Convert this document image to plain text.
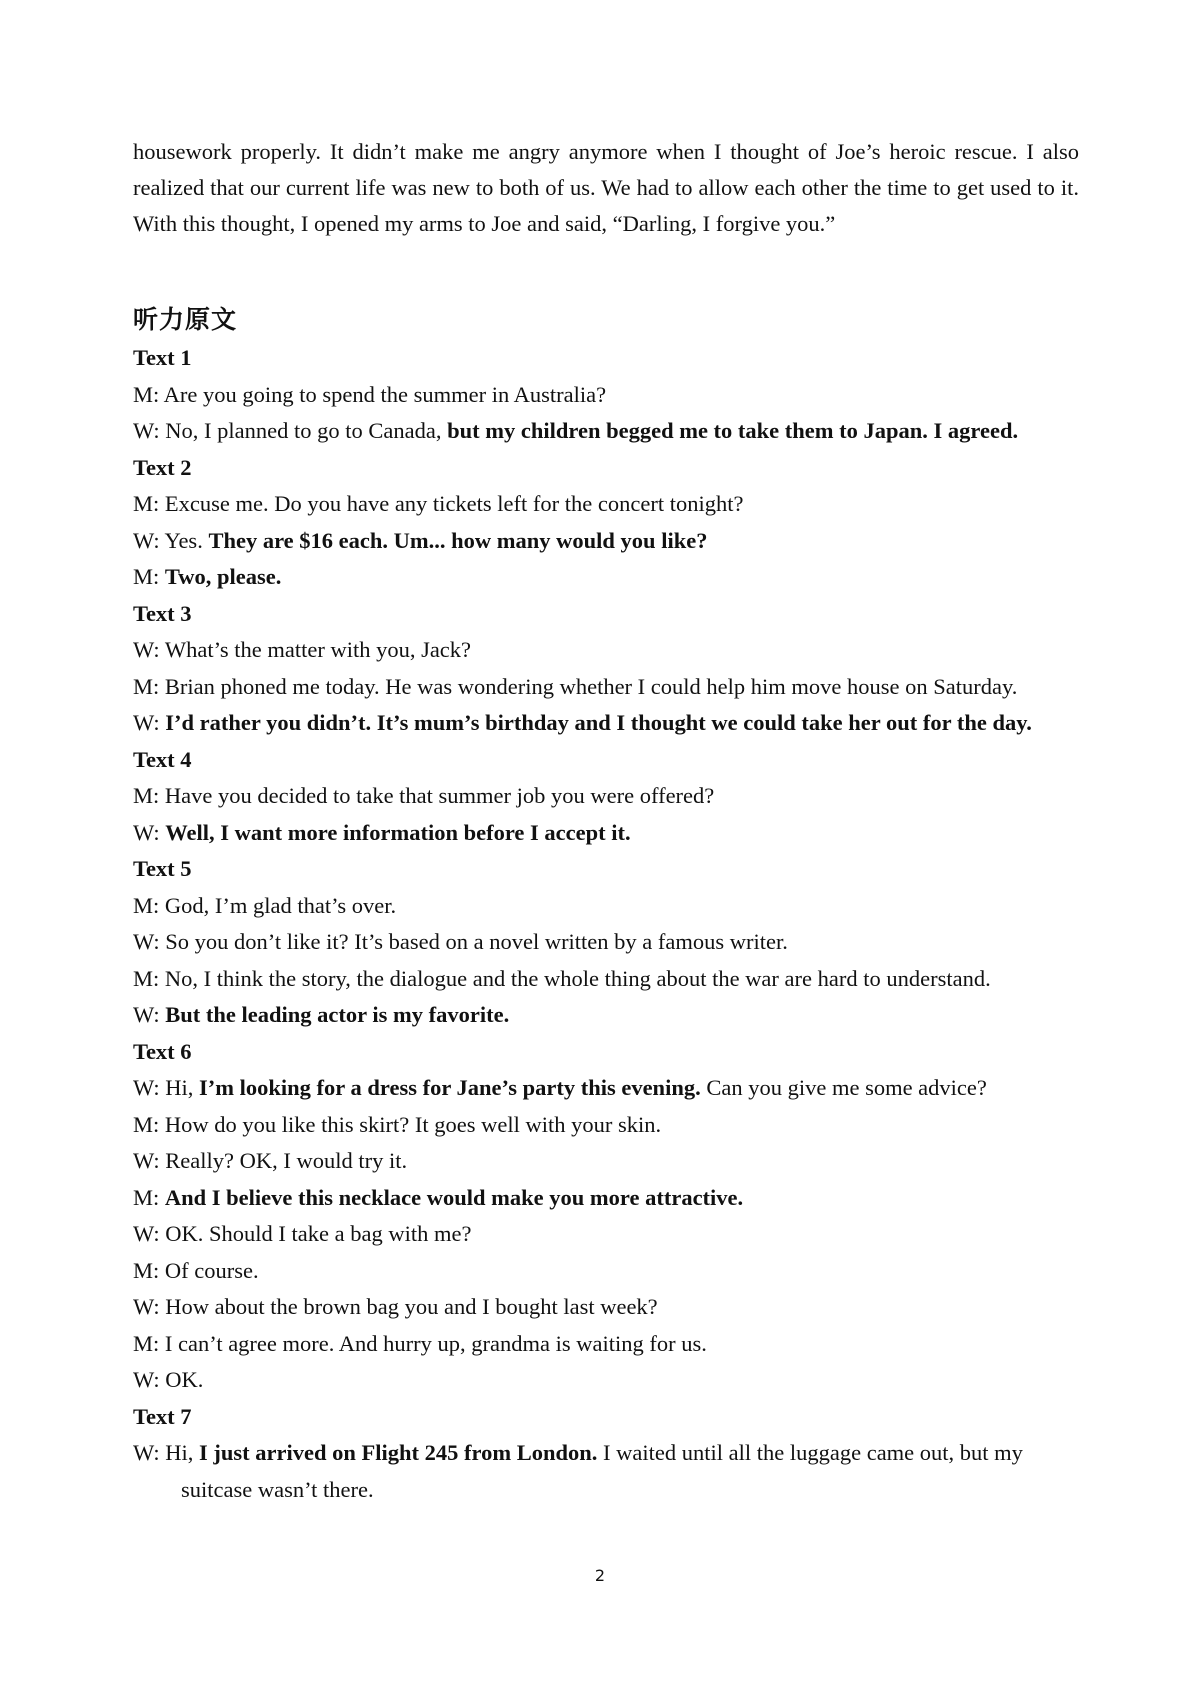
housework properly. It didn’t make me angry anymore when I thought of Joe’s heroic rescue. I also realized that our current life was new to both of us. We had to allow each other the time to get used to it. With this thought, I opened my arms to Joe and said, “Darling, I forgive you.”

听力原文
Text 1
M: Are you going to spend the summer in Australia?
W: No, I planned to go to Canada, but my children begged me to take them to Japan. I agreed.
Text 2
M: Excuse me. Do you have any tickets left for the concert tonight?
W: Yes. They are $16 each. Um... how many would you like?
M: Two, please.
Text 3
W: What’s the matter with you, Jack?
M: Brian phoned me today. He was wondering whether I could help him move house on Saturday.
W: I’d rather you didn’t. It’s mum’s birthday and I thought we could take her out for the day.
Text 4
M: Have you decided to take that summer job you were offered?
W: Well, I want more information before I accept it.
Text 5
M: God, I’m glad that’s over.
W: So you don’t like it? It’s based on a novel written by a famous writer.
M: No, I think the story, the dialogue and the whole thing about the war are hard to understand.
W: But the leading actor is my favorite.
Text 6
W: Hi, I’m looking for a dress for Jane’s party this evening. Can you give me some advice?
M: How do you like this skirt? It goes well with your skin.
W: Really? OK, I would try it.
M: And I believe this necklace would make you more attractive.
W: OK. Should I take a bag with me?
M: Of course.
W: How about the brown bag you and I bought last week?
M: I can’t agree more. And hurry up, grandma is waiting for us.
W: OK.
Text 7
W: Hi, I just arrived on Flight 245 from London. I waited until all the luggage came out, but my suitcase wasn’t there.
2
